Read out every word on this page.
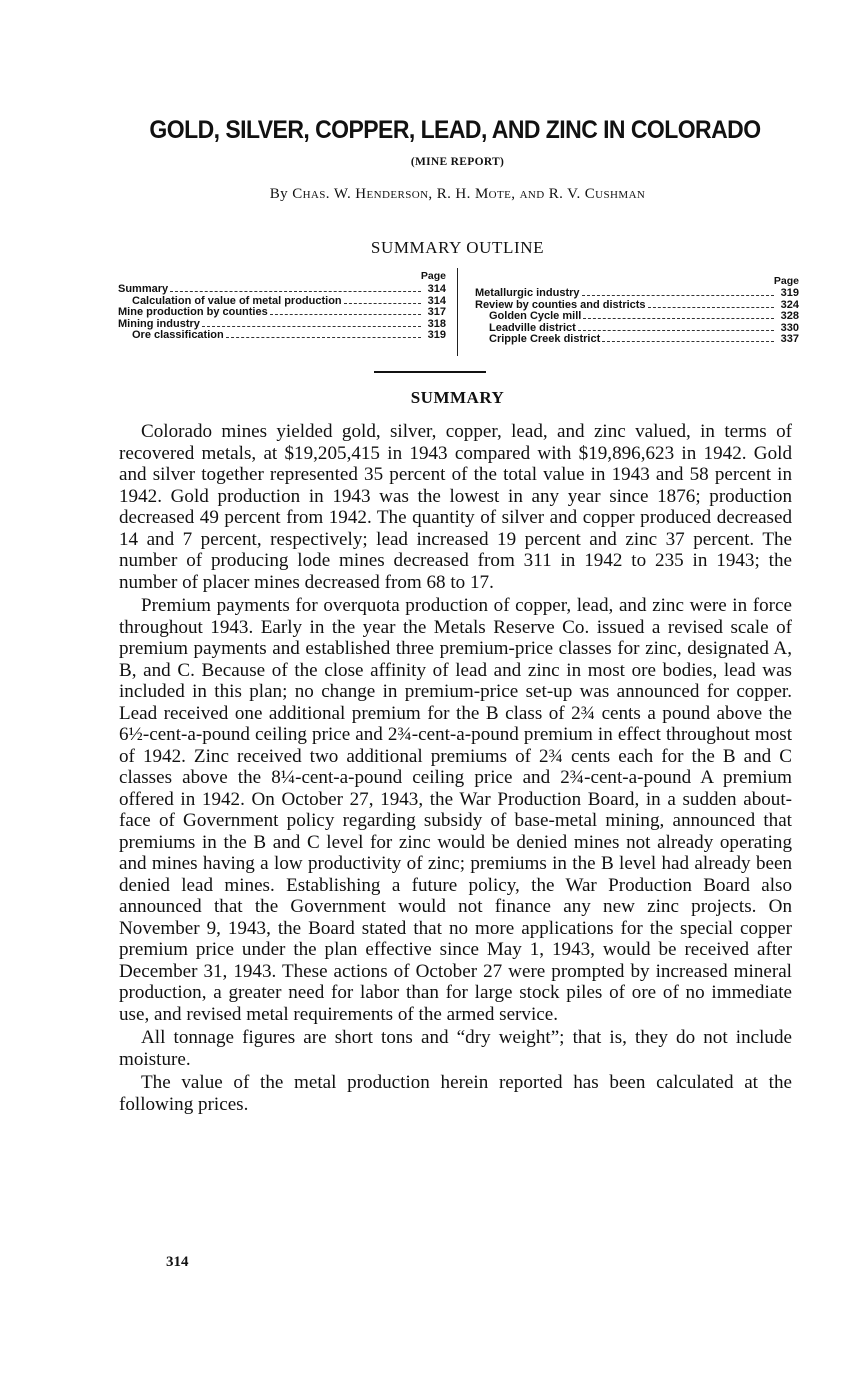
GOLD, SILVER, COPPER, LEAD, AND ZINC IN COLORADO
(MINE REPORT)
By Chas. W. Henderson, R. H. Mote, and R. V. Cushman
SUMMARY OUTLINE
Page
Summary	314
Calculation of value of metal production	314
Mine production by counties	317
Mining industry	318
Ore classification	319
Page
Metallurgic industry	319
Review by counties and districts	324
Golden Cycle mill	328
Leadville district	330
Cripple Creek district	337
SUMMARY

Colorado mines yielded gold, silver, copper, lead, and zinc valued, in terms of recovered metals, at $19,205,415 in 1943 compared with $19,896,623 in 1942. Gold and silver together represented 35 percent of the total value in 1943 and 58 percent in 1942. Gold production in 1943 was the lowest in any year since 1876; production decreased 49 percent from 1942. The quantity of silver and copper produced decreased 14 and 7 percent, respectively; lead increased 19 percent and zinc 37 percent. The number of producing lode mines decreased from 311 in 1942 to 235 in 1943; the number of placer mines decreased from 68 to 17.

Premium payments for overquota production of copper, lead, and zinc were in force throughout 1943. Early in the year the Metals Reserve Co. issued a revised scale of premium payments and established three premium-price classes for zinc, designated A, B, and C. Because of the close affinity of lead and zinc in most ore bodies, lead was included in this plan; no change in premium-price set-up was announced for copper. Lead received one additional premium for the B class of 2¾ cents a pound above the 6½-cent-a-pound ceiling price and 2¾-cent-a-pound premium in effect throughout most of 1942. Zinc received two additional premiums of 2¾ cents each for the B and C classes above the 8¼-cent-a-pound ceiling price and 2¾-cent-a-pound A premium offered in 1942. On October 27, 1943, the War Production Board, in a sudden about-face of Government policy regarding subsidy of base-metal mining, announced that premiums in the B and C level for zinc would be denied mines not already operating and mines having a low productivity of zinc; premiums in the B level had already been denied lead mines. Establishing a future policy, the War Production Board also announced that the Government would not finance any new zinc projects. On November 9, 1943, the Board stated that no more applications for the special copper premium price under the plan effective since May 1, 1943, would be received after December 31, 1943. These actions of October 27 were prompted by increased mineral production, a greater need for labor than for large stock piles of ore of no immediate use, and revised metal requirements of the armed service.

All tonnage figures are short tons and “dry weight”; that is, they do not include moisture.

The value of the metal production herein reported has been calculated at the following prices.

314
